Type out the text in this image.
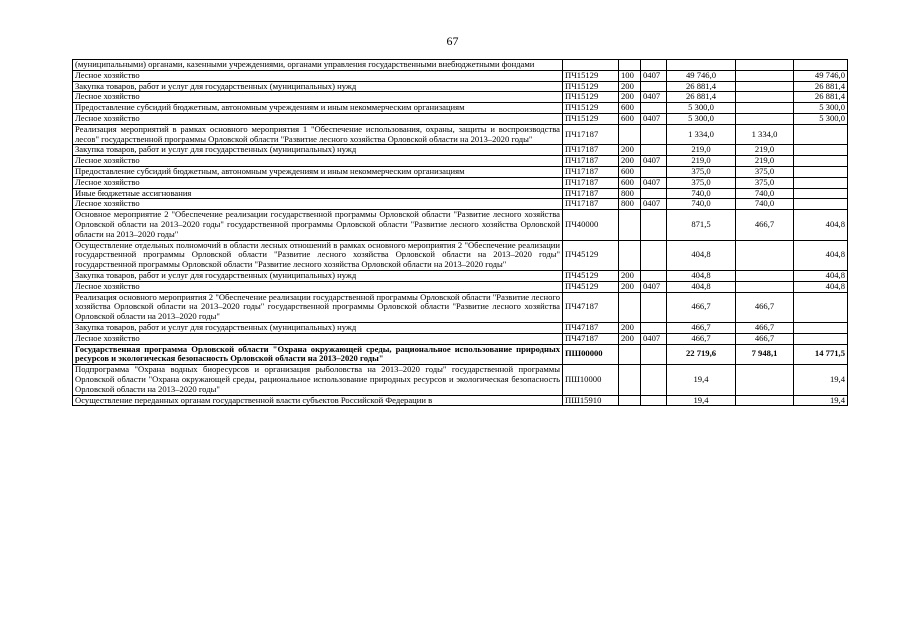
67
(муниципальными) органами, казенными учреждениями, органами управления государственными внебюджетными фондами						
Лесное хозяйство	ПЧ15129	100	0407	49 746,0		49 746,0
Закупка товаров, работ и услуг для государственных (муниципальных) нужд	ПЧ15129	200		26 881,4		26 881,4
Лесное хозяйство	ПЧ15129	200	0407	26 881,4		26 881,4
Предоставление субсидий бюджетным, автономным учреждениям и иным некоммерческим организациям	ПЧ15129	600		5 300,0		5 300,0
Лесное хозяйство	ПЧ15129	600	0407	5 300,0		5 300,0
Реализация мероприятий в рамках основного мероприятия 1 "Обеспечение использования, охраны, защиты и воспроизводства лесов" государственной программы Орловской области "Развитие лесного хозяйства Орловской области на 2013–2020 годы"	ПЧ17187			1 334,0	1 334,0	
Закупка товаров, работ и услуг для государственных (муниципальных) нужд	ПЧ17187	200		219,0	219,0	
Лесное хозяйство	ПЧ17187	200	0407	219,0	219,0	
Предоставление субсидий бюджетным, автономным учреждениям и иным некоммерческим организациям	ПЧ17187	600		375,0	375,0	
Лесное хозяйство	ПЧ17187	600	0407	375,0	375,0	
Иные бюджетные ассигнования	ПЧ17187	800		740,0	740,0	
Лесное хозяйство	ПЧ17187	800	0407	740,0	740,0	
Основное мероприятие 2 "Обеспечение реализации государственной программы Орловской области "Развитие лесного хозяйства Орловской области на 2013–2020 годы" государственной программы Орловской области "Развитие лесного хозяйства Орловской области на 2013–2020 годы"	ПЧ40000			871,5	466,7	404,8
Осуществление отдельных полномочий в области лесных отношений в рамках основного мероприятия 2 "Обеспечение реализации государственной программы Орловской области "Развитие лесного хозяйства Орловской области на 2013–2020 годы" государственной программы Орловской области "Развитие лесного хозяйства Орловской области на 2013–2020 годы"	ПЧ45129			404,8		404,8
Закупка товаров, работ и услуг для государственных (муниципальных) нужд	ПЧ45129	200		404,8		404,8
Лесное хозяйство	ПЧ45129	200	0407	404,8		404,8
Реализация основного мероприятия 2 "Обеспечение реализации государственной программы Орловской области "Развитие лесного хозяйства Орловской области на 2013–2020 годы" государственной программы Орловской области "Развитие лесного хозяйства Орловской области на 2013–2020 годы"	ПЧ47187			466,7	466,7	
Закупка товаров, работ и услуг для государственных (муниципальных) нужд	ПЧ47187	200		466,7	466,7	
Лесное хозяйство	ПЧ47187	200	0407	466,7	466,7	
Государственная программа Орловской области "Охрана окружающей среды, рациональное использование природных ресурсов и экологическая безопасность Орловской области на 2013–2020 годы"	ПШ00000			22 719,6	7 948,1	14 771,5
Подпрограмма "Охрана водных биоресурсов и организация рыболовства на 2013–2020 годы" государственной программы Орловской области "Охрана окружающей среды, рациональное использование природных ресурсов и экологическая безопасность Орловской области на 2013–2020 годы"	ПШ10000			19,4		19,4
Осуществление переданных органам государственной власти субъектов Российской Федерации в	ПШ15910			19,4		19,4
